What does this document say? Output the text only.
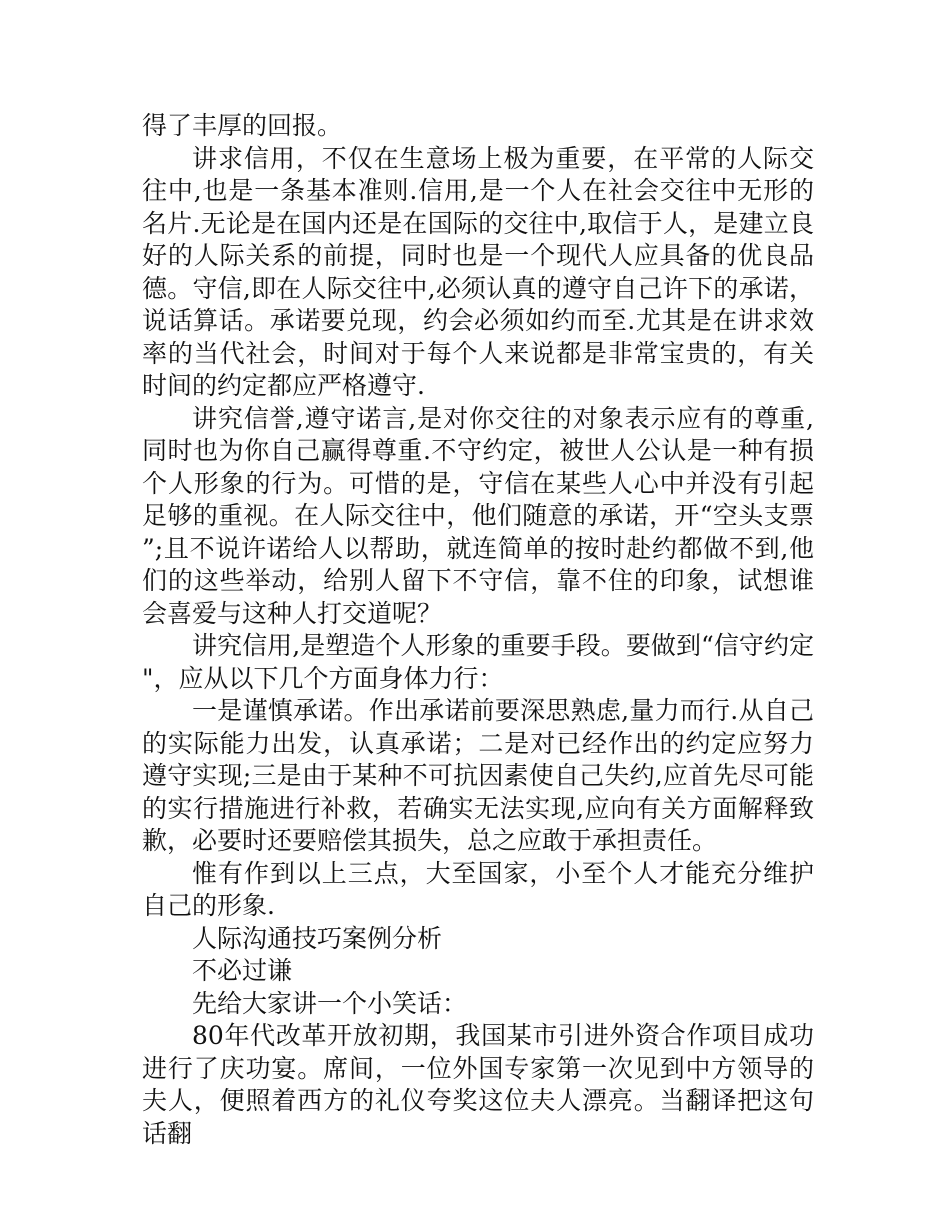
得了丰厚的回报。

讲求信用，不仅在生意场上极为重要，在平常的人际交往中,也是一条基本准则.信用,是一个人在社会交往中无形的名片.无论是在国内还是在国际的交往中,取信于人，是建立良好的人际关系的前提，同时也是一个现代人应具备的优良品德。守信,即在人际交往中,必须认真的遵守自己许下的承诺，说话算话。承诺要兑现，约会必须如约而至.尤其是在讲求效率的当代社会，时间对于每个人来说都是非常宝贵的，有关时间的约定都应严格遵守.

讲究信誉,遵守诺言,是对你交往的对象表示应有的尊重,同时也为你自己赢得尊重.不守约定，被世人公认是一种有损个人形象的行为。可惜的是，守信在某些人心中并没有引起足够的重视。在人际交往中，他们随意的承诺，开“空头支票”;且不说许诺给人以帮助，就连简单的按时赴约都做不到,他们的这些举动，给别人留下不守信，靠不住的印象，试想谁会喜爱与这种人打交道呢？

讲究信用,是塑造个人形象的重要手段。要做到“信守约定"，应从以下几个方面身体力行：

一是谨慎承诺。作出承诺前要深思熟虑,量力而行.从自己的实际能力出发，认真承诺；二是对已经作出的约定应努力遵守实现;三是由于某种不可抗因素使自己失约,应首先尽可能的实行措施进行补救，若确实无法实现,应向有关方面解释致歉，必要时还要赔偿其损失，总之应敢于承担责任。

惟有作到以上三点，大至国家，小至个人才能充分维护自己的形象.

人际沟通技巧案例分析

不必过谦

先给大家讲一个小笑话：

80年代改革开放初期，我国某市引进外资合作项目成功进行了庆功宴。席间，一位外国专家第一次见到中方领导的夫人，便照着西方的礼仪夸奖这位夫人漂亮。当翻译把这句话翻
